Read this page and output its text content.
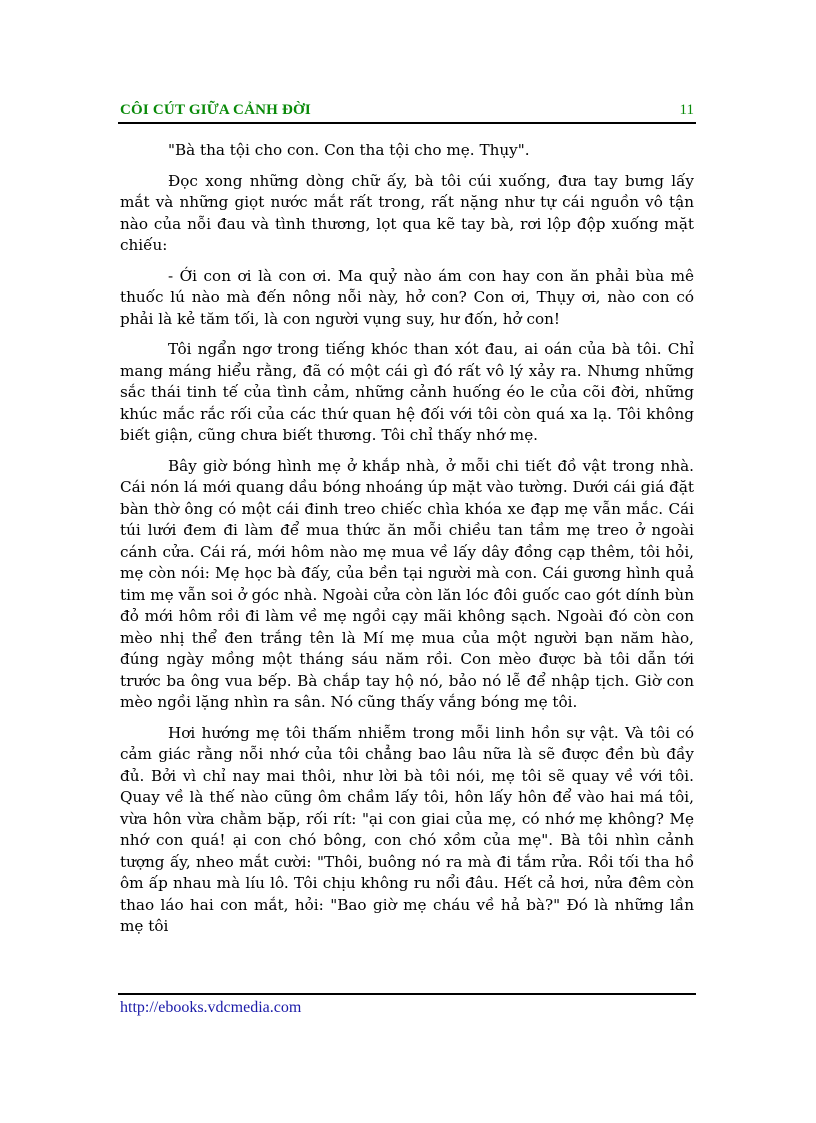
CÔI CÚT GIỮA CẢNH ĐỜI	11

"Bà tha tội cho con. Con tha tội cho mẹ. Thụy".

Đọc xong những dòng chữ ấy, bà tôi cúi xuống, đưa tay bưng lấy mắt và những giọt nước mắt rất trong, rất nặng như tự cái nguồn vô tận nào của nỗi đau và tình thương, lọt qua kẽ tay bà, rơi lộp độp xuống mặt chiếu:

- Ới con ơi là con ơi. Ma quỷ nào ám con hay con ăn phải bùa mê thuốc lú nào mà đến nông nỗi này, hở con? Con ơi, Thụy ơi, nào con có phải là kẻ tăm tối, là con người vụng suy, hư đốn, hở con!

Tôi ngẩn ngơ trong tiếng khóc than xót đau, ai oán của bà tôi. Chỉ mang máng hiểu rằng, đã có một cái gì đó rất vô lý xảy ra. Nhưng những sắc thái tinh tế của tình cảm, những cảnh huống éo le của cõi đời, những khúc mắc rắc rối của các thứ quan hệ đối với tôi còn quá xa lạ. Tôi không biết giận, cũng chưa biết thương. Tôi chỉ thấy nhớ mẹ.

Bây giờ bóng hình mẹ ở khắp nhà, ở mỗi chi tiết đồ vật trong nhà. Cái nón lá mới quang dầu bóng nhoáng úp mặt vào tường. Dưới cái giá đặt bàn thờ ông có một cái đinh treo chiếc chìa khóa xe đạp mẹ vẫn mắc. Cái túi lưới đem đi làm để mua thức ăn mỗi chiều tan tầm mẹ treo ở ngoài cánh cửa. Cái rá, mới hôm nào mẹ mua về lấy dây đồng cạp thêm, tôi hỏi, mẹ còn nói: Mẹ học bà đấy, của bền tại người mà con. Cái gương hình quả tim mẹ vẫn soi ở góc nhà. Ngoài cửa còn lăn lóc đôi guốc cao gót dính bùn đỏ mới hôm rồi đi làm về mẹ ngồi cạy mãi không sạch. Ngoài đó còn con mèo nhị thể đen trắng tên là Mí mẹ mua của một người bạn năm hào, đúng ngày mồng một tháng sáu năm rồi. Con mèo được bà tôi dẫn tới trước ba ông vua bếp. Bà chắp tay hộ nó, bảo nó lễ để nhập tịch. Giờ con mèo ngồi lặng nhìn ra sân. Nó cũng thấy vắng bóng mẹ tôi.

Hơi hướng mẹ tôi thấm nhiễm trong mỗi linh hồn sự vật. Và tôi có cảm giác rằng nỗi nhớ của tôi chẳng bao lâu nữa là sẽ được đền bù đầy đủ. Bởi vì chỉ nay mai thôi, như lời bà tôi nói, mẹ tôi sẽ quay về với tôi. Quay về là thế nào cũng ôm chầm lấy tôi, hôn lấy hôn để vào hai má tôi, vừa hôn vừa chằm bặp, rối rít: "ại con giai của mẹ, có nhớ mẹ không? Mẹ nhớ con quá! ại con chó bông, con chó xồm của mẹ". Bà tôi nhìn cảnh tượng ấy, nheo mắt cười: "Thôi, buông nó ra mà đi tắm rửa. Rồi tối tha hồ ôm ấp nhau mà líu lô. Tôi chịu không ru nổi đâu. Hết cả hơi, nửa đêm còn thao láo hai con mắt, hỏi: "Bao giờ mẹ cháu về hả bà?" Đó là những lần mẹ tôi

http://ebooks.vdcmedia.com
